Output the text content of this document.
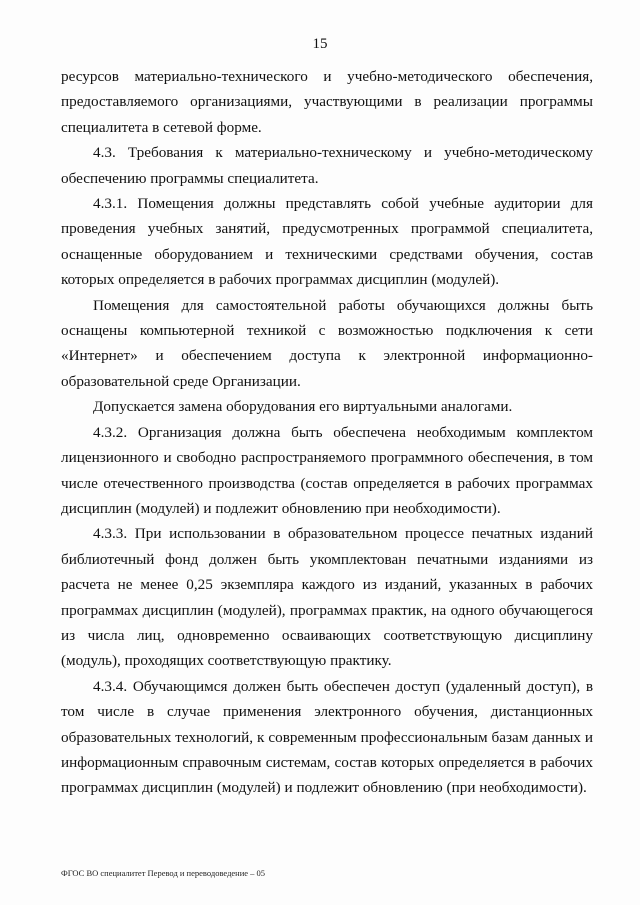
15

ресурсов материально-технического и учебно-методического обеспечения, предоставляемого организациями, участвующими в реализации программы специалитета в сетевой форме.

4.3. Требования к материально-техническому и учебно-методическому обеспечению программы специалитета.

4.3.1. Помещения должны представлять собой учебные аудитории для проведения учебных занятий, предусмотренных программой специалитета, оснащенные оборудованием и техническими средствами обучения, состав которых определяется в рабочих программах дисциплин (модулей).

Помещения для самостоятельной работы обучающихся должны быть оснащены компьютерной техникой с возможностью подключения к сети «Интернет» и обеспечением доступа к электронной информационно-образовательной среде Организации.

Допускается замена оборудования его виртуальными аналогами.

4.3.2. Организация должна быть обеспечена необходимым комплектом лицензионного и свободно распространяемого программного обеспечения, в том числе отечественного производства (состав определяется в рабочих программах дисциплин (модулей) и подлежит обновлению при необходимости).

4.3.3. При использовании в образовательном процессе печатных изданий библиотечный фонд должен быть укомплектован печатными изданиями из расчета не менее 0,25 экземпляра каждого из изданий, указанных в рабочих программах дисциплин (модулей), программах практик, на одного обучающегося из числа лиц, одновременно осваивающих соответствующую дисциплину (модуль), проходящих соответствующую практику.

4.3.4. Обучающимся должен быть обеспечен доступ (удаленный доступ), в том числе в случае применения электронного обучения, дистанционных образовательных технологий, к современным профессиональным базам данных и информационным справочным системам, состав которых определяется в рабочих программах дисциплин (модулей) и подлежит обновлению (при необходимости).

ФГОС ВО специалитет Перевод и переводоведение – 05
